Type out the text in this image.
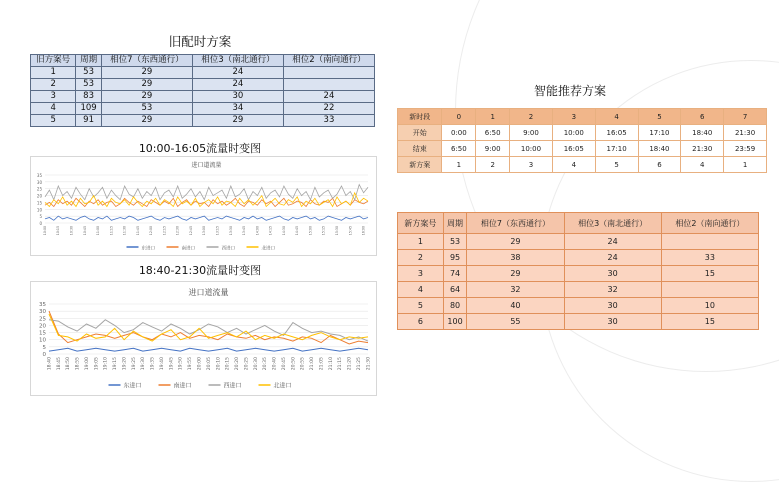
旧配时方案
旧方案号	周期	相位7（东西通行）	相位3（南北通行）	相位2（南向通行）
1	53	29	24	
2	53	29	24	
3	83	29	30	24
4	109	53	34	22
5	91	29	29	33
10:00-16:05流量时变图
进口道流量
0
5
10
15
20
25
30
35
10:00	10:15	10:30	10:45	11:00	11:15	11:30	11:45	12:00	12:15	12:30	12:45	13:00	13:15	13:30	13:45	14:00	14:15	14:30	14:45	15:00	15:15	15:30	15:45	16:00
东进口	南进口	西进口	北进口
18:40-21:30流量时变图
进口道流量
0
5
10
15
20
25
30
35
18:40 18:45 18:50 18:55 19:00 19:05 19:10 19:15 19:20 19:25 19:30 19:35 19:40 19:45 19:50 19:55 20:00 20:05 20:10 20:15 20:20 20:25 20:30 20:35 20:40 20:45 20:50 20:55 21:00 21:05 21:10 21:15 21:20 21:25 21:30
东进口	南进口	西进口	北进口
智能推荐方案
新时段	0	1	2	3	4	5	6	7
开始	0:00	6:50	9:00	10:00	16:05	17:10	18:40	21:30
结束	6:50	9:00	10:00	16:05	17:10	18:40	21:30	23:59
新方案	1	2	3	4	5	6	4	1
新方案号	周期	相位7（东西通行）	相位3（南北通行）	相位2（南向通行）
1	53	29	24	
2	95	38	24	33
3	74	29	30	15
4	64	32	32	
5	80	40	30	10
6	100	55	30	15
